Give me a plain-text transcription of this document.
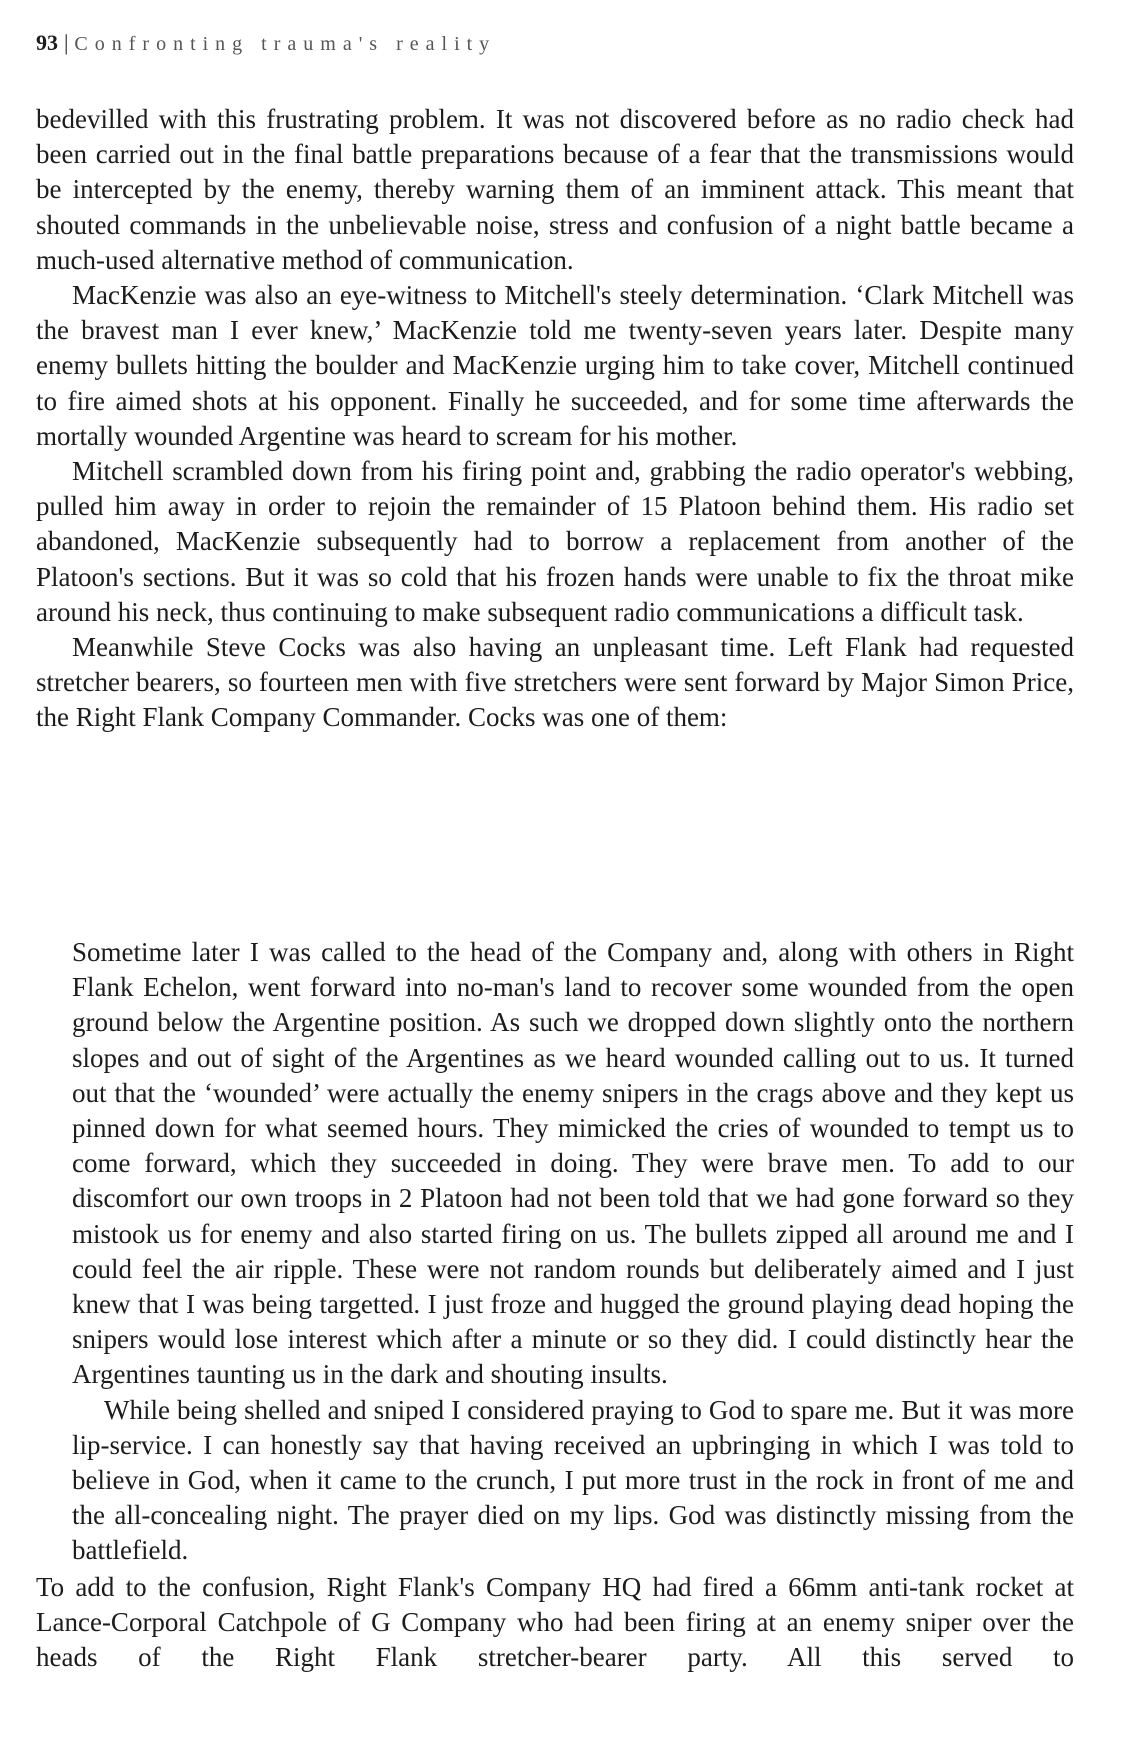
93 | Confronting trauma's reality

bedevilled with this frustrating problem. It was not discovered before as no radio check had been carried out in the final battle preparations because of a fear that the transmissions would be intercepted by the enemy, thereby warning them of an imminent attack. This meant that shouted commands in the unbelievable noise, stress and confusion of a night battle became a much-used alternative method of communication.

MacKenzie was also an eye-witness to Mitchell's steely determination. ‘Clark Mitchell was the bravest man I ever knew,’ MacKenzie told me twenty-seven years later. Despite many enemy bullets hitting the boulder and MacKenzie urging him to take cover, Mitchell continued to fire aimed shots at his opponent. Finally he succeeded, and for some time afterwards the mortally wounded Argentine was heard to scream for his mother.

Mitchell scrambled down from his firing point and, grabbing the radio operator's webbing, pulled him away in order to rejoin the remainder of 15 Platoon behind them. His radio set abandoned, MacKenzie subsequently had to borrow a replacement from another of the Platoon's sections. But it was so cold that his frozen hands were unable to fix the throat mike around his neck, thus continuing to make subsequent radio communications a difficult task.

Meanwhile Steve Cocks was also having an unpleasant time. Left Flank had requested stretcher bearers, so fourteen men with five stretchers were sent forward by Major Simon Price, the Right Flank Company Commander. Cocks was one of them:

Sometime later I was called to the head of the Company and, along with others in Right Flank Echelon, went forward into no-man's land to recover some wounded from the open ground below the Argentine position. As such we dropped down slightly onto the northern slopes and out of sight of the Argentines as we heard wounded calling out to us. It turned out that the ‘wounded’ were actually the enemy snipers in the crags above and they kept us pinned down for what seemed hours. They mimicked the cries of wounded to tempt us to come forward, which they succeeded in doing. They were brave men. To add to our discomfort our own troops in 2 Platoon had not been told that we had gone forward so they mistook us for enemy and also started firing on us. The bullets zipped all around me and I could feel the air ripple. These were not random rounds but deliberately aimed and I just knew that I was being targetted. I just froze and hugged the ground playing dead hoping the snipers would lose interest which after a minute or so they did. I could distinctly hear the Argentines taunting us in the dark and shouting insults.

While being shelled and sniped I considered praying to God to spare me. But it was more lip-service. I can honestly say that having received an upbringing in which I was told to believe in God, when it came to the crunch, I put more trust in the rock in front of me and the all-concealing night. The prayer died on my lips. God was distinctly missing from the battlefield.

To add to the confusion, Right Flank's Company HQ had fired a 66mm anti-tank rocket at Lance-Corporal Catchpole of G Company who had been firing at an enemy sniper over the heads of the Right Flank stretcher-bearer party. All this served to
